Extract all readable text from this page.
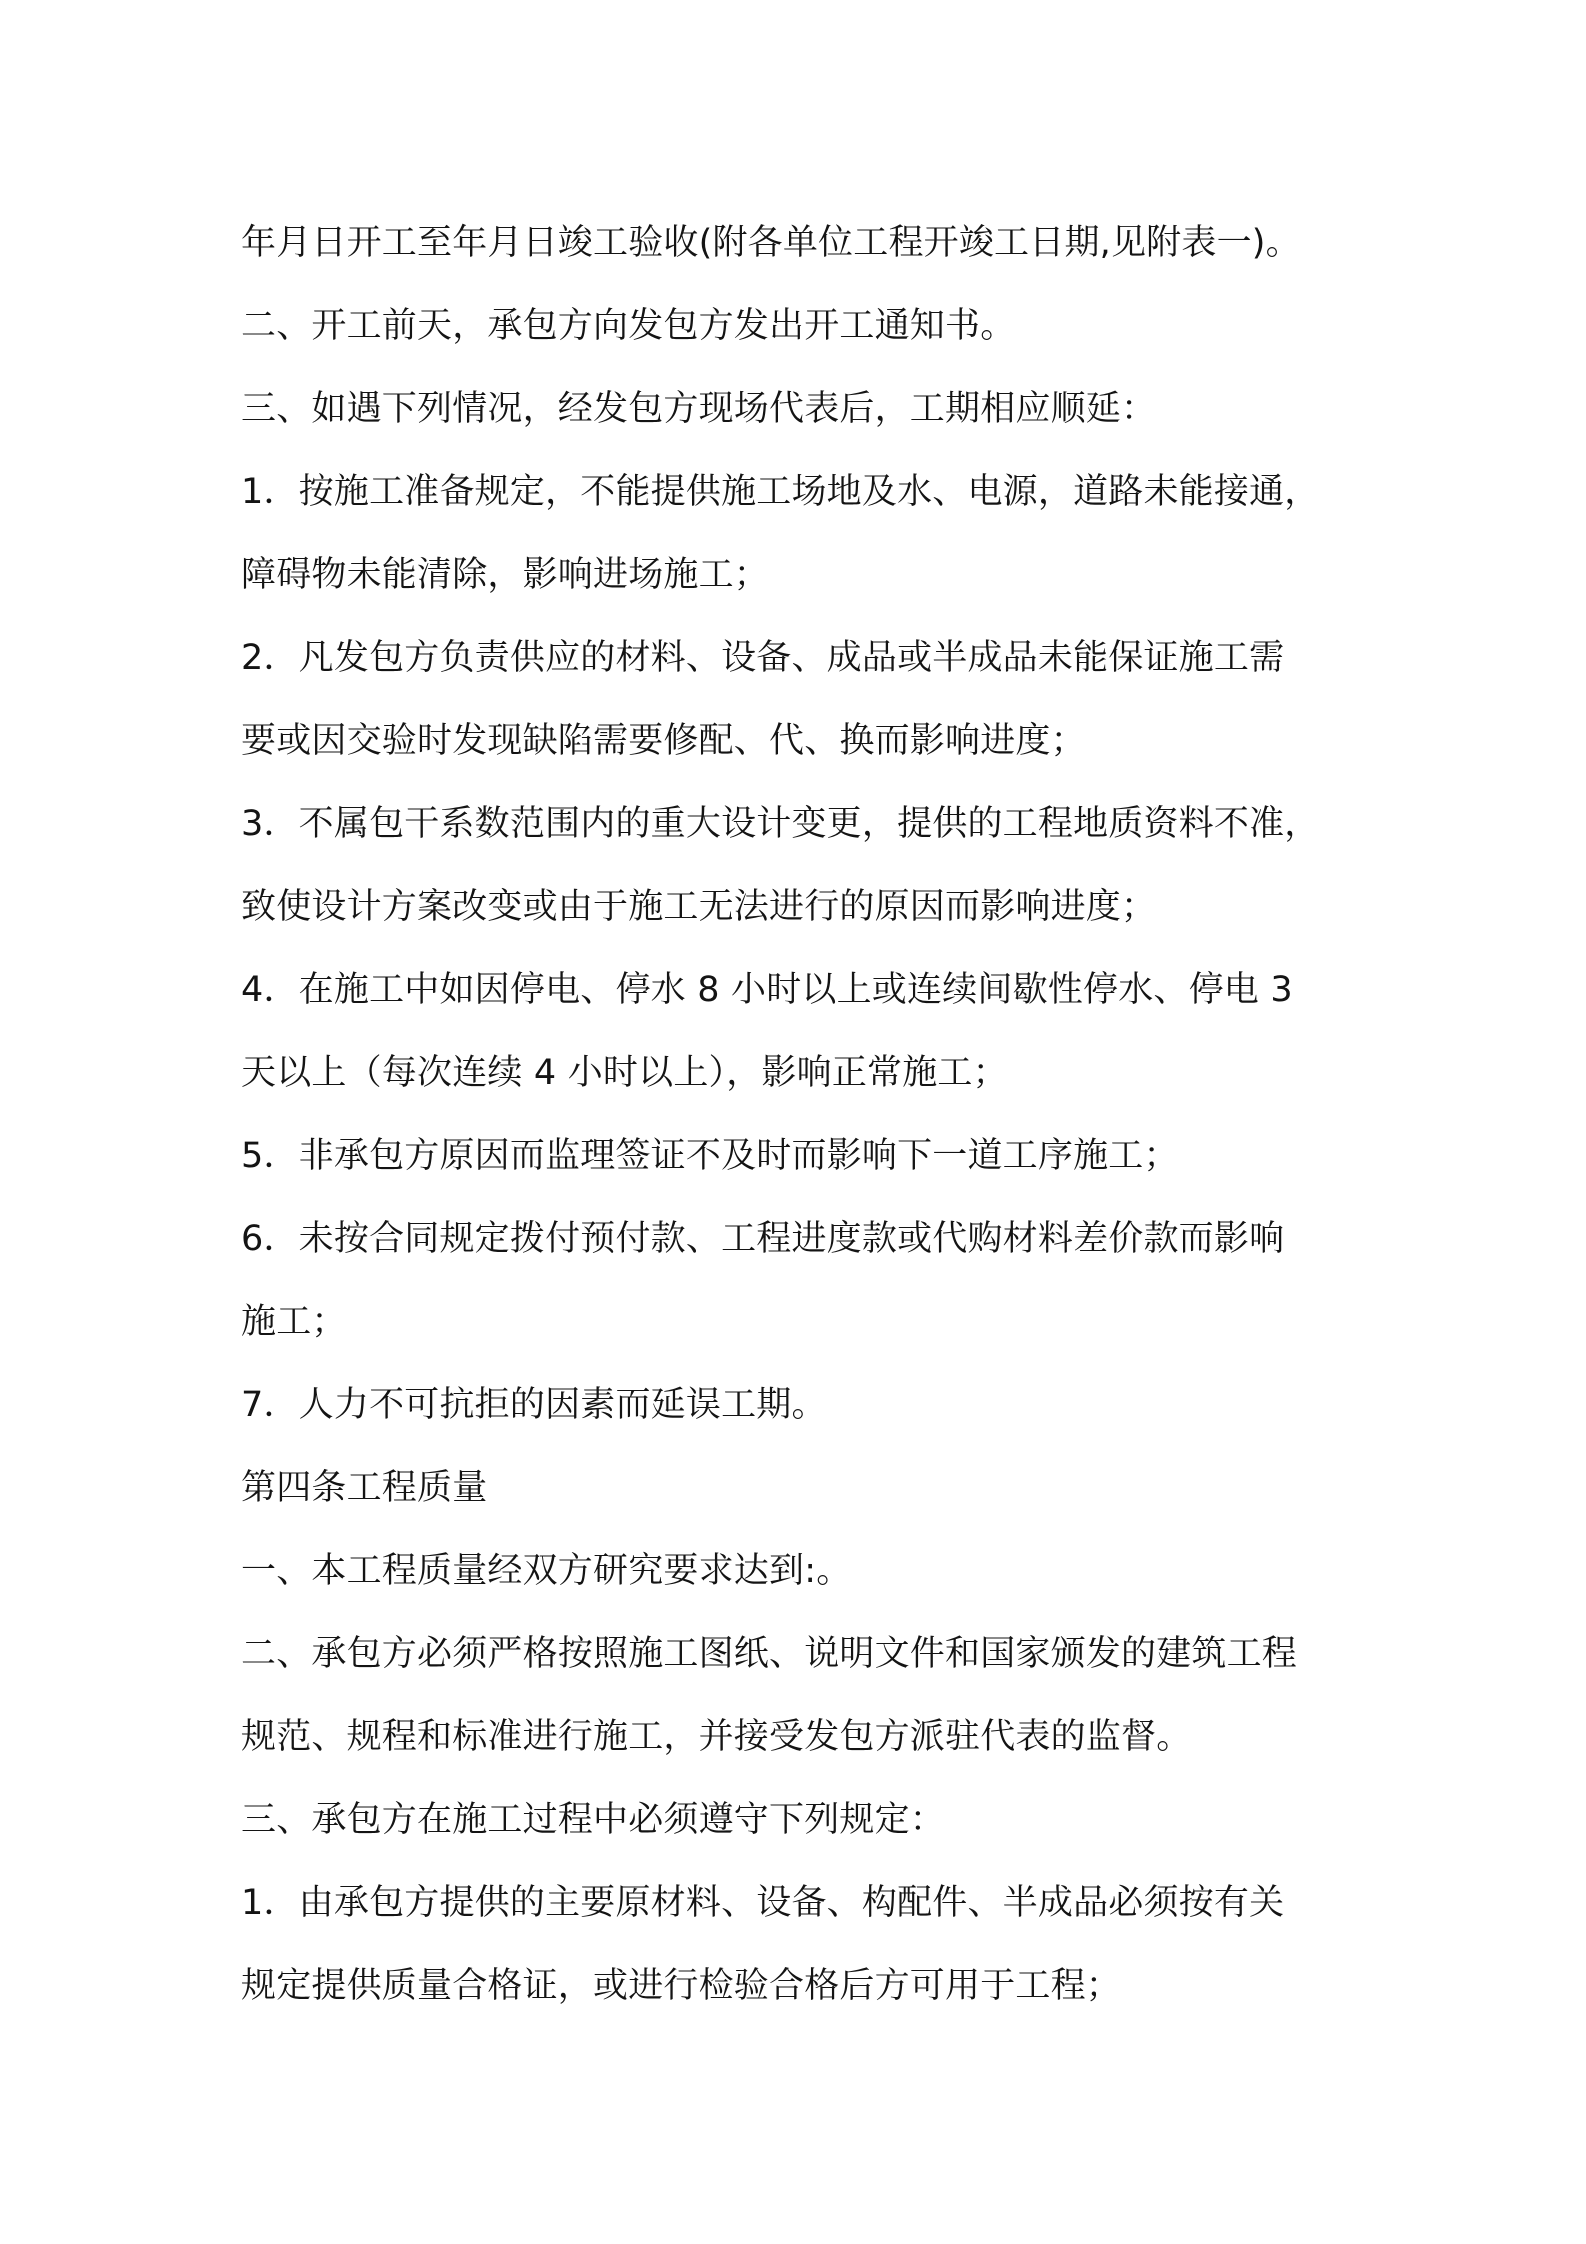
年月日开工至年月日竣工验收(附各单位工程开竣工日期,见附表一)。
二、开工前天，承包方向发包方发出开工通知书。
三、如遇下列情况，经发包方现场代表后，工期相应顺延：
1．按施工准备规定，不能提供施工场地及水、电源，道路未能接通，
障碍物未能清除，影响进场施工；
2．凡发包方负责供应的材料、设备、成品或半成品未能保证施工需
要或因交验时发现缺陷需要修配、代、换而影响进度；
3．不属包干系数范围内的重大设计变更，提供的工程地质资料不准，
致使设计方案改变或由于施工无法进行的原因而影响进度；
4．在施工中如因停电、停水 8 小时以上或连续间歇性停水、停电 3
天以上（每次连续 4 小时以上），影响正常施工；
5．非承包方原因而监理签证不及时而影响下一道工序施工；
6．未按合同规定拨付预付款、工程进度款或代购材料差价款而影响
施工；
7．人力不可抗拒的因素而延误工期。
第四条工程质量
一、本工程质量经双方研究要求达到:。
二、承包方必须严格按照施工图纸、说明文件和国家颁发的建筑工程
规范、规程和标准进行施工，并接受发包方派驻代表的监督。
三、承包方在施工过程中必须遵守下列规定：
1．由承包方提供的主要原材料、设备、构配件、半成品必须按有关
规定提供质量合格证，或进行检验合格后方可用于工程；
